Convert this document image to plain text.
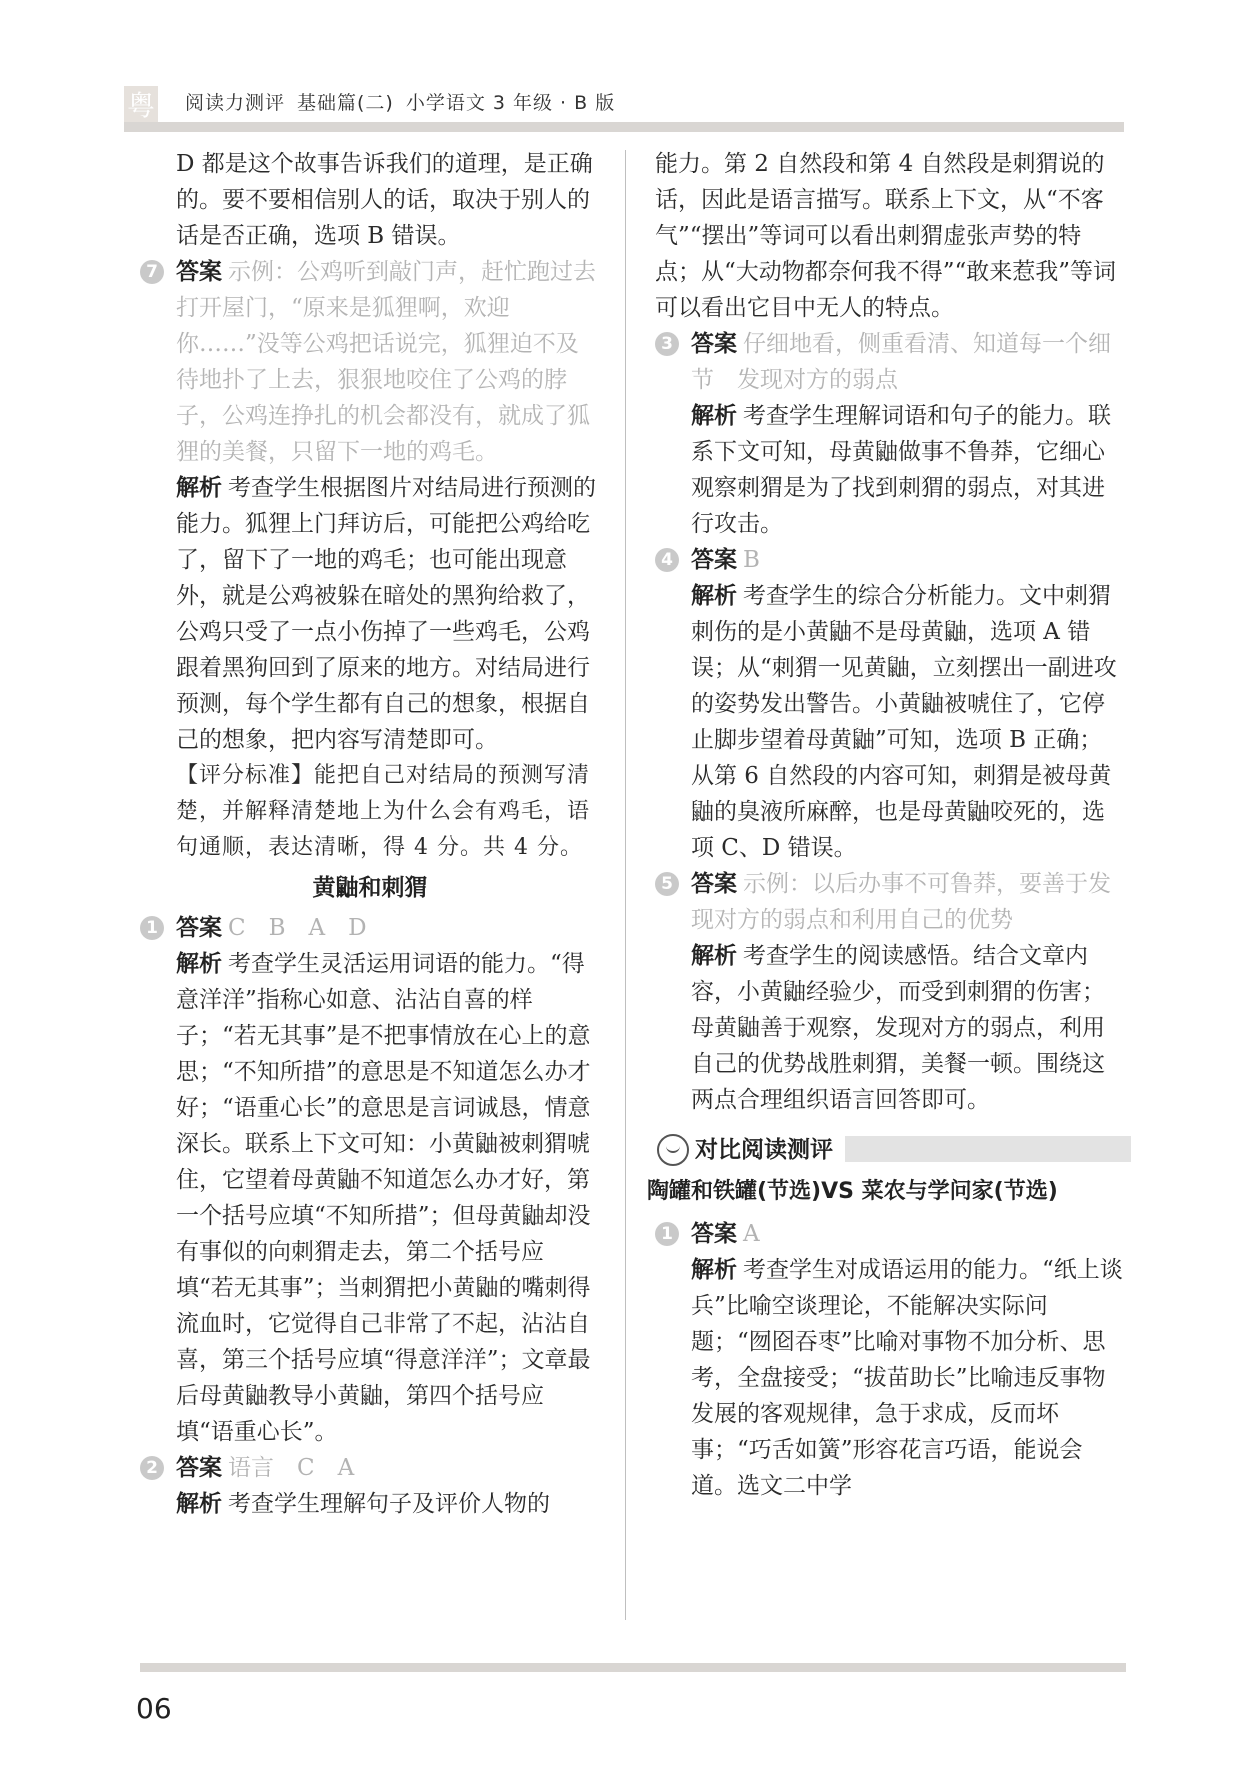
粤 阅读力测评 基础篇(二) 小学语文 3 年级 · B 版

D 都是这个故事告诉我们的道理，是正确的。要不要相信别人的话，取决于别人的话是否正确，选项 B 错误。

7 答案 示例：公鸡听到敲门声，赶忙跑过去打开屋门，“原来是狐狸啊，欢迎你……”没等公鸡把话说完，狐狸迫不及待地扑了上去，狠狠地咬住了公鸡的脖子，公鸡连挣扎的机会都没有，就成了狐狸的美餐，只留下一地的鸡毛。

解析 考查学生根据图片对结局进行预测的能力。狐狸上门拜访后，可能把公鸡给吃了，留下了一地的鸡毛；也可能出现意外，就是公鸡被躲在暗处的黑狗给救了，公鸡只受了一点小伤掉了一些鸡毛，公鸡跟着黑狗回到了原来的地方。对结局进行预测，每个学生都有自己的想象，根据自己的想象，把内容写清楚即可。

【评分标准】能把自己对结局的预测写清楚，并解释清楚地上为什么会有鸡毛，语句通顺，表达清晰，得 4 分。共 4 分。

黄鼬和刺猬
1 答案 C　B　A　D

解析 考查学生灵活运用词语的能力。“得意洋洋”指称心如意、沾沾自喜的样子；“若无其事”是不把事情放在心上的意思；“不知所措”的意思是不知道怎么办才好；“语重心长”的意思是言词诚恳，情意深长。联系上下文可知：小黄鼬被刺猬唬住，它望着母黄鼬不知道怎么办才好，第一个括号应填“不知所措”；但母黄鼬却没有事似的向刺猬走去，第二个括号应填“若无其事”；当刺猬把小黄鼬的嘴刺得流血时，它觉得自己非常了不起，沾沾自喜，第三个括号应填“得意洋洋”；文章最后母黄鼬教导小黄鼬，第四个括号应填“语重心长”。

2 答案 语言　C　A

解析 考查学生理解句子及评价人物的

能力。第 2 自然段和第 4 自然段是刺猬说的话，因此是语言描写。联系上下文，从“不客气”“摆出”等词可以看出刺猬虚张声势的特点；从“大动物都奈何我不得”“敢来惹我”等词可以看出它目中无人的特点。

3 答案 仔细地看，侧重看清、知道每一个细节　发现对方的弱点

解析 考查学生理解词语和句子的能力。联系下文可知，母黄鼬做事不鲁莽，它细心观察刺猬是为了找到刺猬的弱点，对其进行攻击。

4 答案 B

解析 考查学生的综合分析能力。文中刺猬刺伤的是小黄鼬不是母黄鼬，选项 A 错误；从“刺猬一见黄鼬，立刻摆出一副进攻的姿势发出警告。小黄鼬被唬住了，它停止脚步望着母黄鼬”可知，选项 B 正确；从第 6 自然段的内容可知，刺猬是被母黄鼬的臭液所麻醉，也是母黄鼬咬死的，选项 C、D 错误。

5 答案 示例：以后办事不可鲁莽，要善于发现对方的弱点和利用自己的优势

解析 考查学生的阅读感悟。结合文章内容，小黄鼬经验少，而受到刺猬的伤害；母黄鼬善于观察，发现对方的弱点，利用自己的优势战胜刺猬，美餐一顿。围绕这两点合理组织语言回答即可。

对比阅读测评
陶罐和铁罐(节选)VS 菜农与学问家(节选)
1 答案 A

解析 考查学生对成语运用的能力。“纸上谈兵”比喻空谈理论，不能解决实际问题；“囫囵吞枣”比喻对事物不加分析、思考，全盘接受；“拔苗助长”比喻违反事物发展的客观规律，急于求成，反而坏事；“巧舌如簧”形容花言巧语，能说会道。选文二中学

06
